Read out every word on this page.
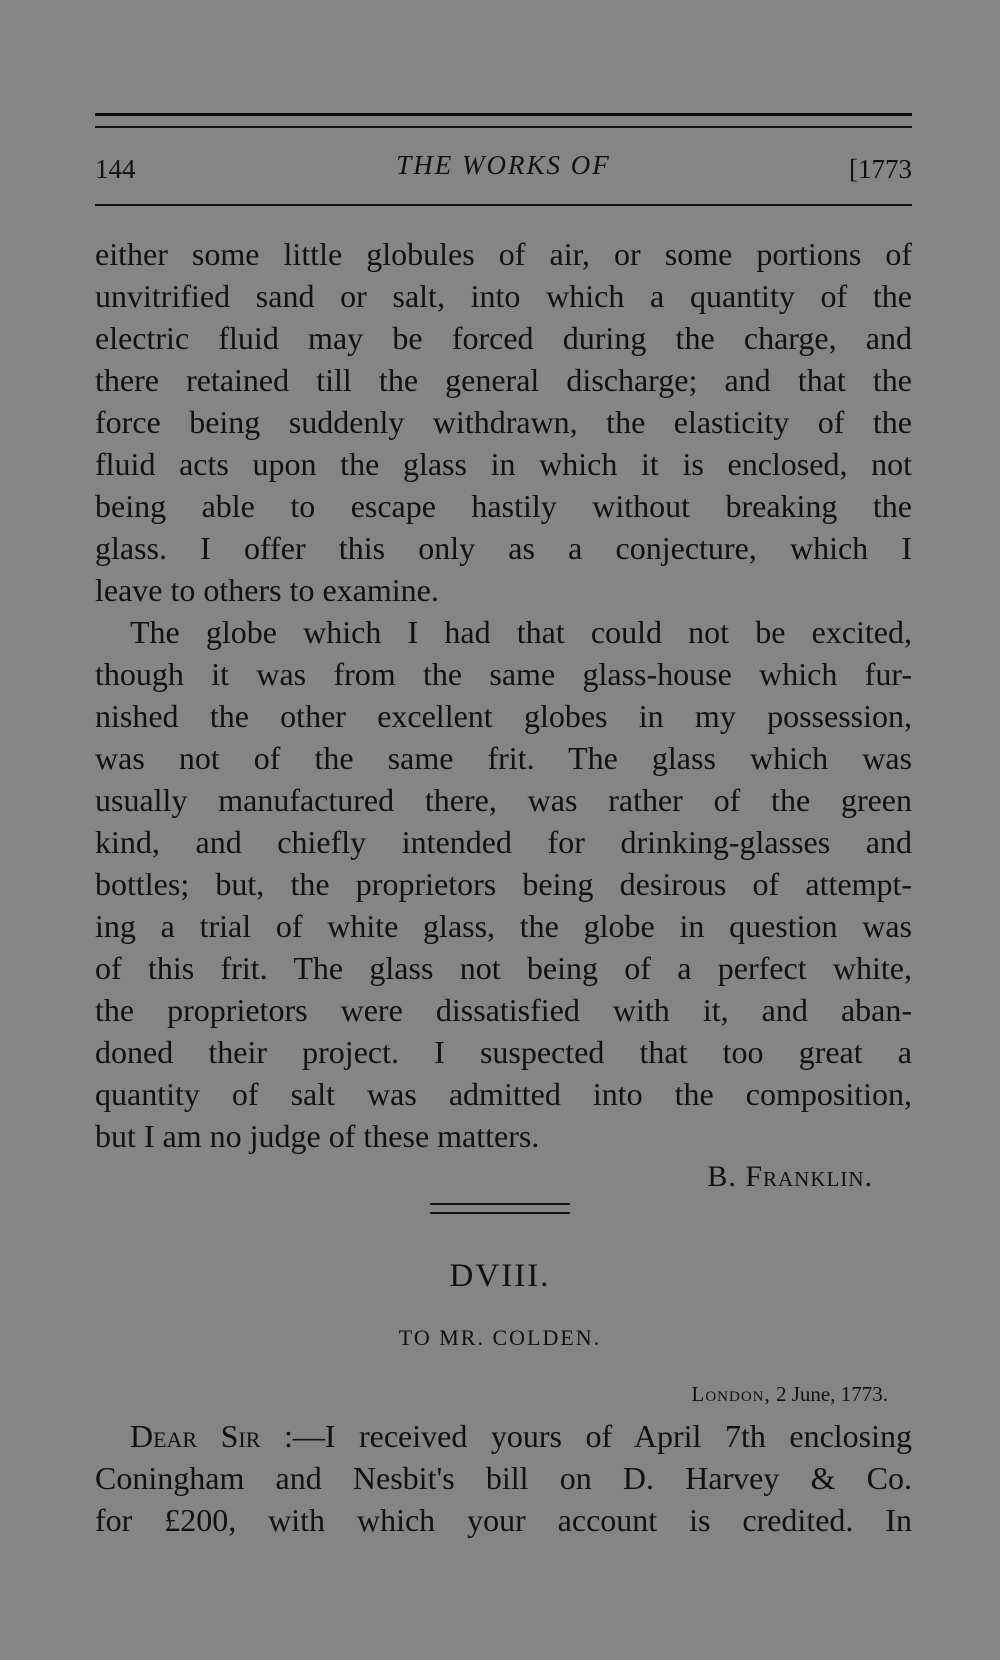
144	THE WORKS OF	[1773

either some little globules of air, or some portions of
unvitrified sand or salt, into which a quantity of the
electric fluid may be forced during the charge, and
there retained till the general discharge; and that the
force being suddenly withdrawn, the elasticity of the
fluid acts upon the glass in which it is enclosed, not
being able to escape hastily without breaking the
glass. I offer this only as a conjecture, which I
leave to others to examine.

The globe which I had that could not be excited,
though it was from the same glass-house which fur-
nished the other excellent globes in my possession,
was not of the same frit. The glass which was
usually manufactured there, was rather of the green
kind, and chiefly intended for drinking-glasses and
bottles; but, the proprietors being desirous of attempt-
ing a trial of white glass, the globe in question was
of this frit. The glass not being of a perfect white,
the proprietors were dissatisfied with it, and aban-
doned their project. I suspected that too great a
quantity of salt was admitted into the composition,
but I am no judge of these matters.

B. Franklin.
DVIII.
TO MR. COLDEN.
London, 2 June, 1773.
Dear Sir :—I received yours of April 7th enclosing
Coningham and Nesbit's bill on D. Harvey & Co.
for £200, with which your account is credited. In
